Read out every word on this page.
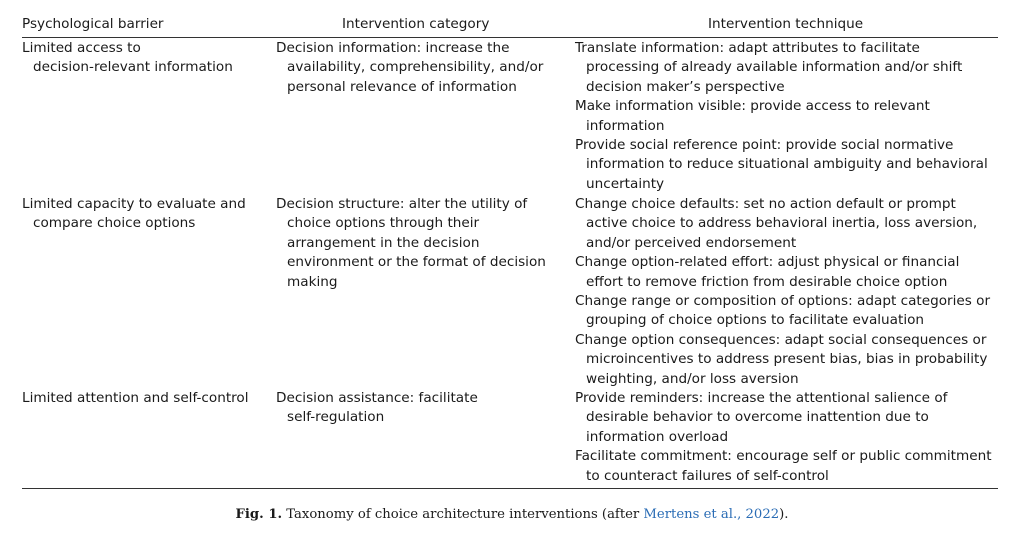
Psychological barrier	Intervention category	Intervention technique
Limited access to
decision-relevant information
Decision information: increase the
availability, comprehensibility, and/or
personal relevance of information
Translate information: adapt attributes to facilitate
processing of already available information and/or shift
decision maker’s perspective
Make information visible: provide access to relevant
information
Provide social reference point: provide social normative
information to reduce situational ambiguity and behavioral
uncertainty
Limited capacity to evaluate and
compare choice options
Decision structure: alter the utility of
choice options through their
arrangement in the decision
environment or the format of decision
making
Change choice defaults: set no action default or prompt
active choice to address behavioral inertia, loss aversion,
and/or perceived endorsement
Change option-related effort: adjust physical or financial
effort to remove friction from desirable choice option
Change range or composition of options: adapt categories or
grouping of choice options to facilitate evaluation
Change option consequences: adapt social consequences or
microincentives to address present bias, bias in probability
weighting, and/or loss aversion
Limited attention and self-control Decision assistance: facilitate
self-regulation
Provide reminders: increase the attentional salience of
desirable behavior to overcome inattention due to
information overload
Facilitate commitment: encourage self or public commitment
to counteract failures of self-control
Fig. 1. Taxonomy of choice architecture interventions (after Mertens et al., 2022).
